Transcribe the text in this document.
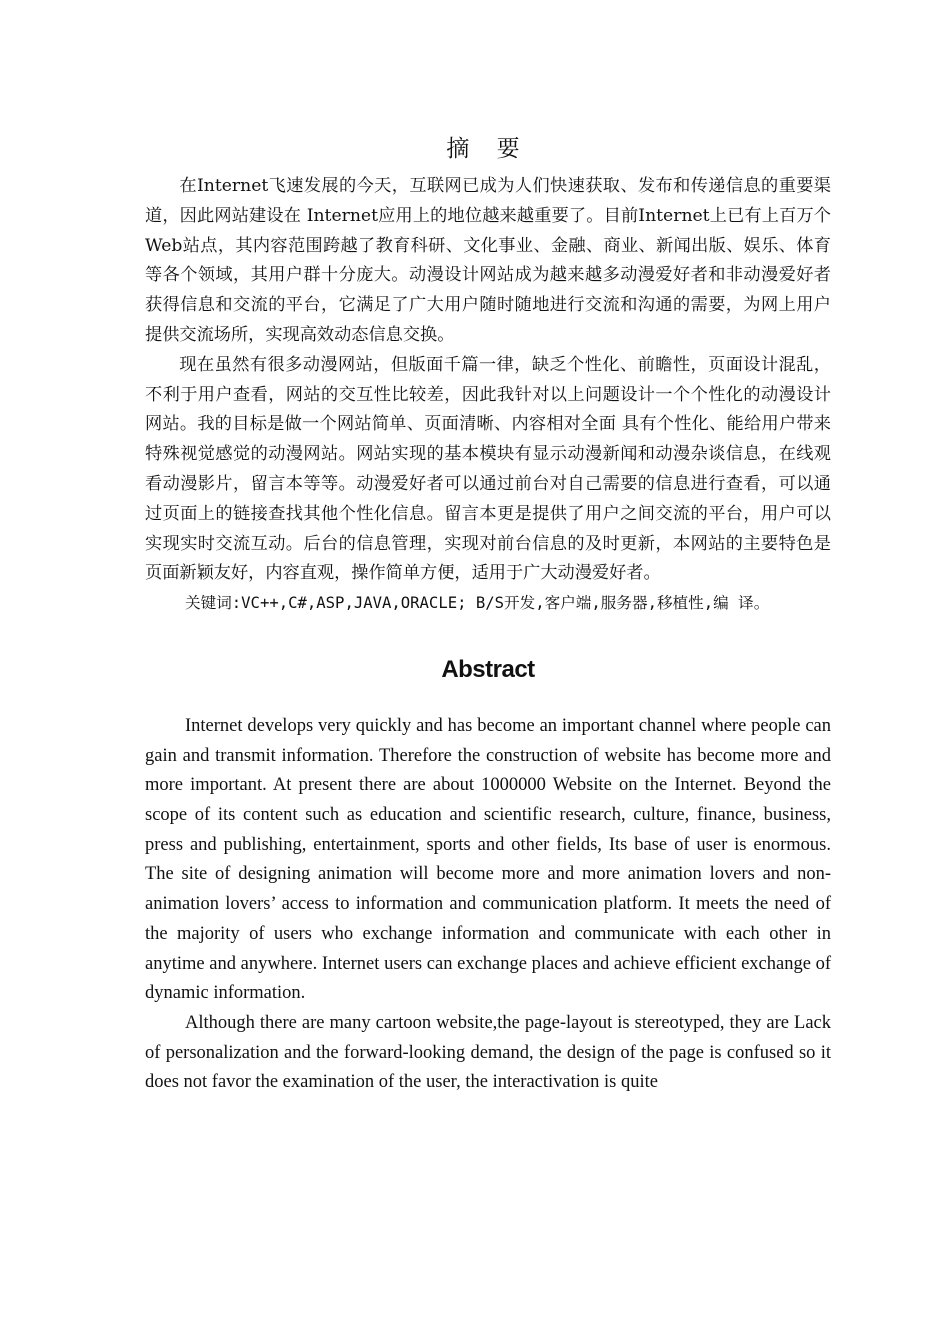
摘 要

在Internet飞速发展的今天，互联网已成为人们快速获取、发布和传递信息的重要渠道，因此网站建设在 Internet应用上的地位越来越重要了。目前Internet上已有上百万个Web站点，其内容范围跨越了教育科研、文化事业、金融、商业、新闻出版、娱乐、体育等各个领域，其用户群十分庞大。动漫设计网站成为越来越多动漫爱好者和非动漫爱好者获得信息和交流的平台，它满足了广大用户随时随地进行交流和沟通的需要，为网上用户提供交流场所，实现高效动态信息交换。

现在虽然有很多动漫网站，但版面千篇一律，缺乏个性化、前瞻性，页面设计混乱，不利于用户查看，网站的交互性比较差，因此我针对以上问题设计一个个性化的动漫设计网站。我的目标是做一个网站简单、页面清晰、内容相对全面 具有个性化、能给用户带来特殊视觉感觉的动漫网站。网站实现的基本模块有显示动漫新闻和动漫杂谈信息，在线观看动漫影片，留言本等等。动漫爱好者可以通过前台对自己需要的信息进行查看，可以通过页面上的链接查找其他个性化信息。留言本更是提供了用户之间交流的平台，用户可以实现实时交流互动。后台的信息管理，实现对前台信息的及时更新，本网站的主要特色是页面新颖友好，内容直观，操作简单方便，适用于广大动漫爱好者。

关键词:VC++,C#,ASP,JAVA,ORACLE; B/S开发,客户端,服务器,移植性,编 译。

Abstract

Internet develops very quickly and has become an important channel where people can gain and transmit information. Therefore the construction of website has become more and more important. At present there are about 1000000 Website on the Internet. Beyond the scope of its content such as education and scientific research, culture, finance, business, press and publishing, entertainment, sports and other fields, Its base of user is enormous. The site of designing animation will become more and more animation lovers and non-animation lovers’ access to information and communication platform. It meets the need of the majority of users who exchange information and communicate with each other in anytime and anywhere. Internet users can exchange places and achieve efficient exchange of dynamic information.

Although there are many cartoon website,the page-layout is stereotyped, they are Lack of personalization and the forward-looking demand, the design of the page is confused so it does not favor the examination of the user, the interactivation is quite
